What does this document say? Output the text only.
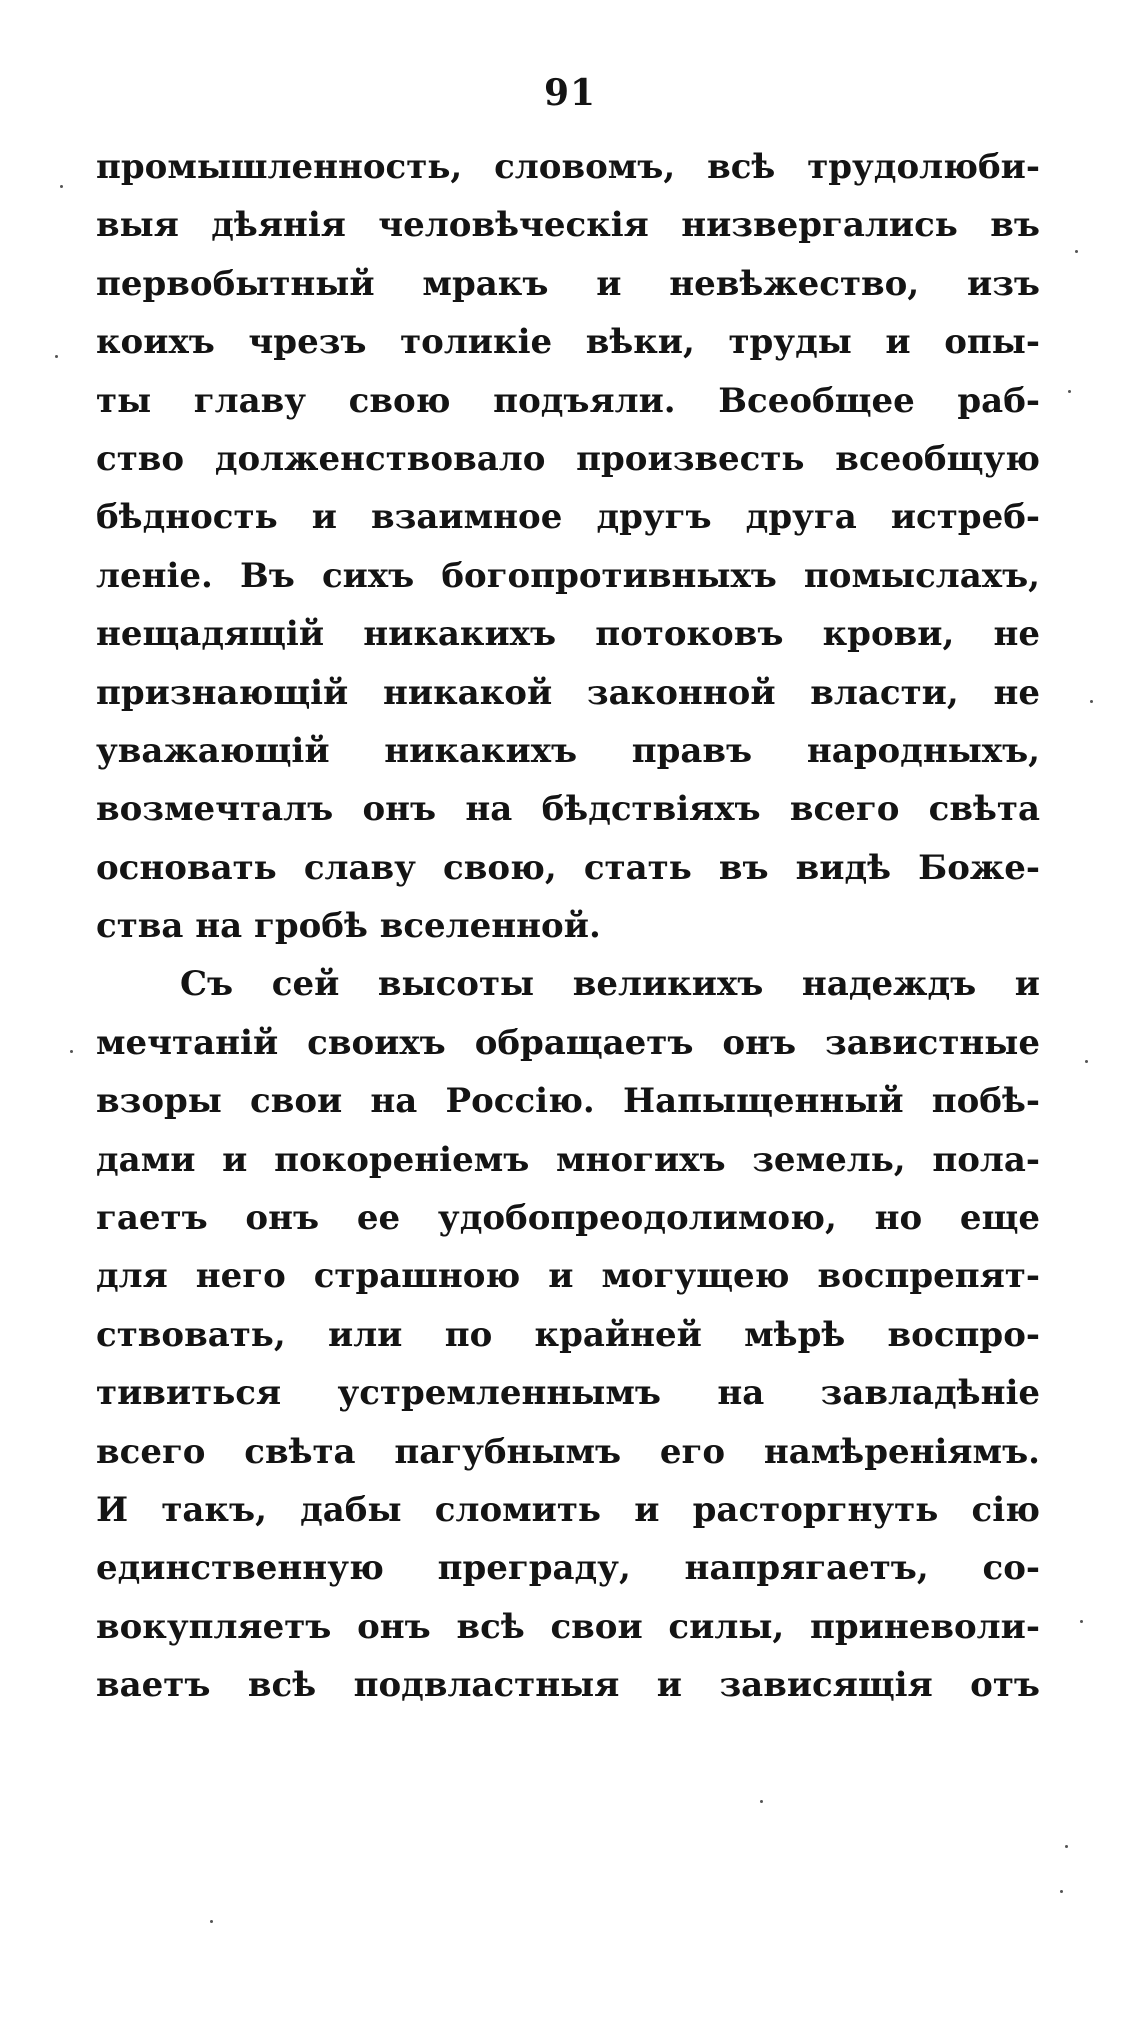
91
промышленность, словомъ, всѣ трудолюби-
выя дѣянія человѣческія низвергались въ
первобытный мракъ и невѣжество, изъ
коихъ чрезъ толикіе вѣки, труды и опы-
ты главу свою подъяли. Всеобщее раб-
ство долженствовало произвесть всеобщую
бѣдность и взаимное другъ друга истреб-
леніе. Въ сихъ богопротивныхъ помыслахъ,
нещадящій никакихъ потоковъ крови, не
признающій никакой законной власти, не
уважающій никакихъ правъ народныхъ,
возмечталъ онъ на бѣдствіяхъ всего свѣта
основать славу свою, стать въ видѣ Боже-
ства на гробѣ вселенной.
Съ сей высоты великихъ надеждъ и
мечтаній своихъ обращаетъ онъ завистные
взоры свои на Россію. Напыщенный побѣ-
дами и покореніемъ многихъ земель, пола-
гаетъ онъ ее удобопреодолимою, но еще
для него страшною и могущею воспрепят-
ствовать, или по крайней мѣрѣ воспро-
тивиться устремленнымъ на завладѣніе
всего свѣта пагубнымъ его намѣреніямъ.
И такъ, дабы сломить и расторгнуть сію
единственную преграду, напрягаетъ, со-
вокупляетъ онъ всѣ свои силы, приневоли-
ваетъ всѣ подвластныя и зависящія отъ
